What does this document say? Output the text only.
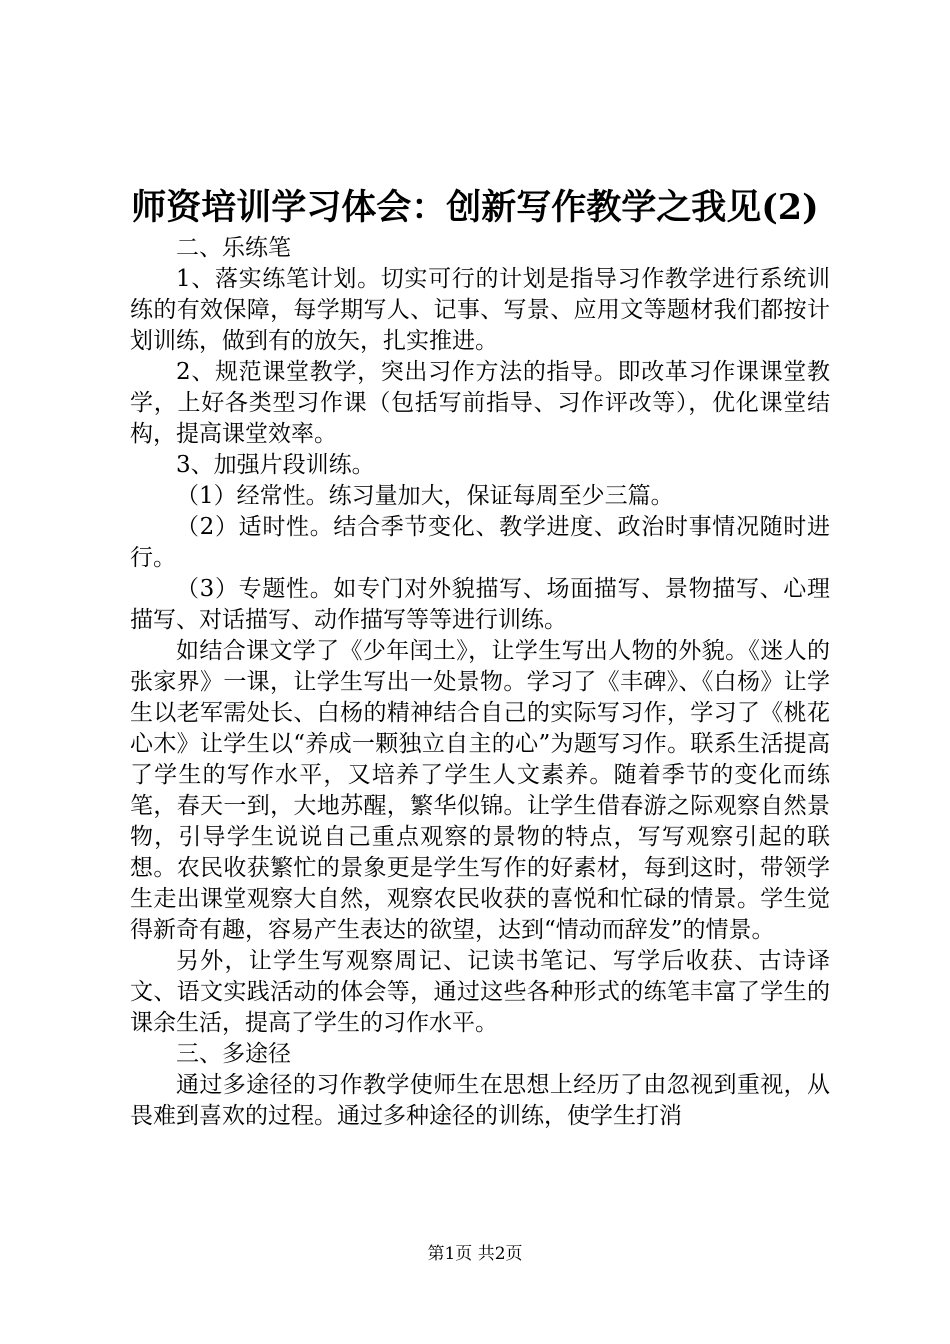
师资培训学习体会：创新写作教学之我见(2)

二、乐练笔

1、落实练笔计划。切实可行的计划是指导习作教学进行系统训练的有效保障，每学期写人、记事、写景、应用文等题材我们都按计划训练，做到有的放矢，扎实推进。

2、规范课堂教学，突出习作方法的指导。即改革习作课课堂教学，上好各类型习作课（包括写前指导、习作评改等），优化课堂结构，提高课堂效率。

3、加强片段训练。

（1）经常性。练习量加大，保证每周至少三篇。

（2）适时性。结合季节变化、教学进度、政治时事情况随时进行。

（3）专题性。如专门对外貌描写、场面描写、景物描写、心理描写、对话描写、动作描写等等进行训练。

如结合课文学了《少年闰土》，让学生写出人物的外貌。《迷人的张家界》一课，让学生写出一处景物。学习了《丰碑》、《白杨》让学生以老军需处长、白杨的精神结合自己的实际写习作，学习了《桃花心木》让学生以“养成一颗独立自主的心”为题写习作。联系生活提高了学生的写作水平，又培养了学生人文素养。随着季节的变化而练笔，春天一到，大地苏醒，繁华似锦。让学生借春游之际观察自然景物，引导学生说说自己重点观察的景物的特点，写写观察引起的联想。农民收获繁忙的景象更是学生写作的好素材，每到这时，带领学生走出课堂观察大自然，观察农民收获的喜悦和忙碌的情景。学生觉得新奇有趣，容易产生表达的欲望，达到“情动而辞发”的情景。

另外，让学生写观察周记、记读书笔记、写学后收获、古诗译文、语文实践活动的体会等，通过这些各种形式的练笔丰富了学生的课余生活，提高了学生的习作水平。

三、多途径

通过多途径的习作教学使师生在思想上经历了由忽视到重视，从畏难到喜欢的过程。通过多种途径的训练，使学生打消

第1页 共2页
